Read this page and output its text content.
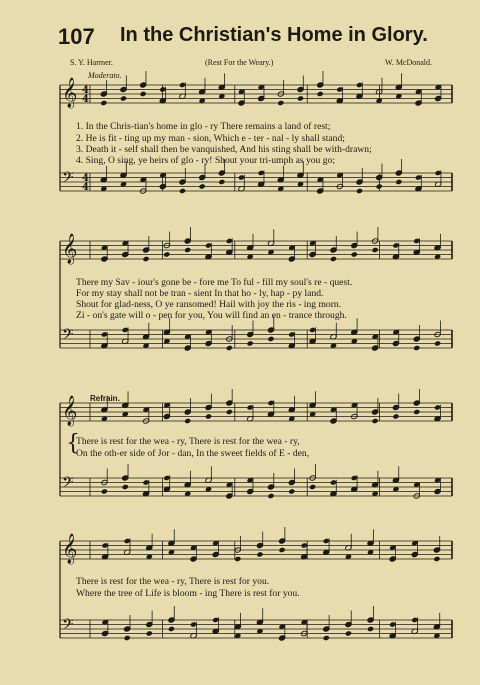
107 In the Christian's Home in Glory.
S. Y. Harmer.	(Rest For the Weary.)	W. McDonald.
Moderato.
Refrain.
𝄞
𝄢
4
4
4
4
𝄞
𝄢
𝄞
𝄢
𝄞
𝄢
1. In the Chris-tian's home in glo - ry There remains a land of rest;
2. He is fit - ting up my man - sion, Which e - ter - nal - ly shall stand;
3. Death it - self shall then be vanquished, And his sting shall be with-drawn;
4. Sing, O sing, ye heirs of glo - ry! Shout your tri-umph as you go;
There my Sav - iour's gone be - fore me To ful - fill my soul's re - quest.
For my stay shall not be tran - sient In that ho - ly, hap - py land.
Shout for glad-ness, O ye ransomed! Hail with joy the ris - ing morn.
Zi - on's gate will o - pen for you, You will find an en - trance through.
{
There is rest for the wea - ry, There is rest for the wea - ry,
On the oth-er side of Jor - dan, In the sweet fields of E - den,
There is rest for the wea - ry, There is rest for you.
Where the tree of Life is bloom - ing There is rest for you.
